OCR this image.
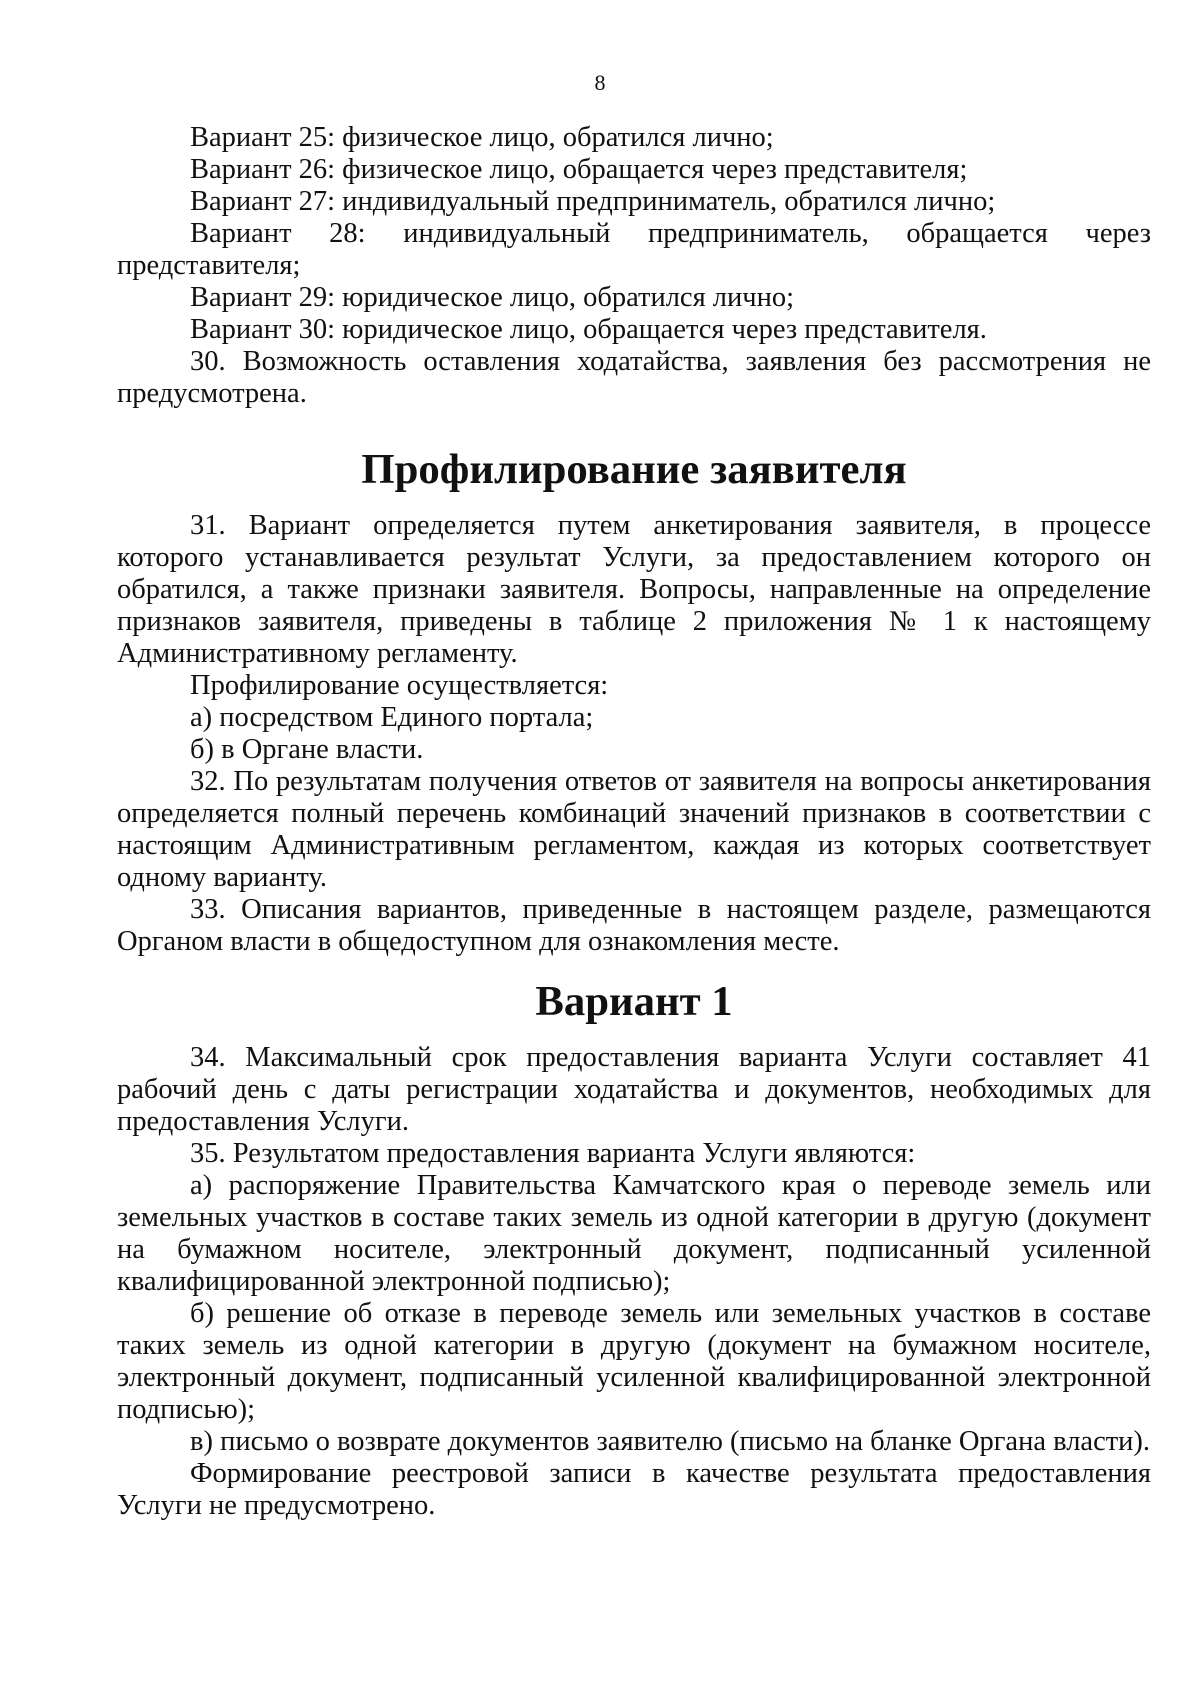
8

Вариант 25: физическое лицо, обратился лично;

Вариант 26: физическое лицо, обращается через представителя;

Вариант 27: индивидуальный предприниматель, обратился лично;

Вариант 28: индивидуальный предприниматель, обращается через представителя;

Вариант 29: юридическое лицо, обратился лично;

Вариант 30: юридическое лицо, обращается через представителя.

30. Возможность оставления ходатайства, заявления без рассмотрения не предусмотрена.

Профилирование заявителя

31. Вариант определяется путем анкетирования заявителя, в процессе которого устанавливается результат Услуги, за предоставлением которого он обратился, а также признаки заявителя. Вопросы, направленные на определение признаков заявителя, приведены в таблице 2 приложения № 1 к настоящему Административному регламенту.

Профилирование осуществляется:

а) посредством Единого портала;

б) в Органе власти.

32. По результатам получения ответов от заявителя на вопросы анкетирования определяется полный перечень комбинаций значений признаков в соответствии с настоящим Административным регламентом, каждая из которых соответствует одному варианту.

33. Описания вариантов, приведенные в настоящем разделе, размещаются Органом власти в общедоступном для ознакомления месте.

Вариант 1

34. Максимальный срок предоставления варианта Услуги составляет 41 рабочий день с даты регистрации ходатайства и документов, необходимых для предоставления Услуги.

35. Результатом предоставления варианта Услуги являются:

а) распоряжение Правительства Камчатского края о переводе земель или земельных участков в составе таких земель из одной категории в другую (документ на бумажном носителе, электронный документ, подписанный усиленной квалифицированной электронной подписью);

б) решение об отказе в переводе земель или земельных участков в составе таких земель из одной категории в другую (документ на бумажном носителе, электронный документ, подписанный усиленной квалифицированной электронной подписью);

в) письмо о возврате документов заявителю (письмо на бланке Органа власти).

Формирование реестровой записи в качестве результата предоставления Услуги не предусмотрено.
